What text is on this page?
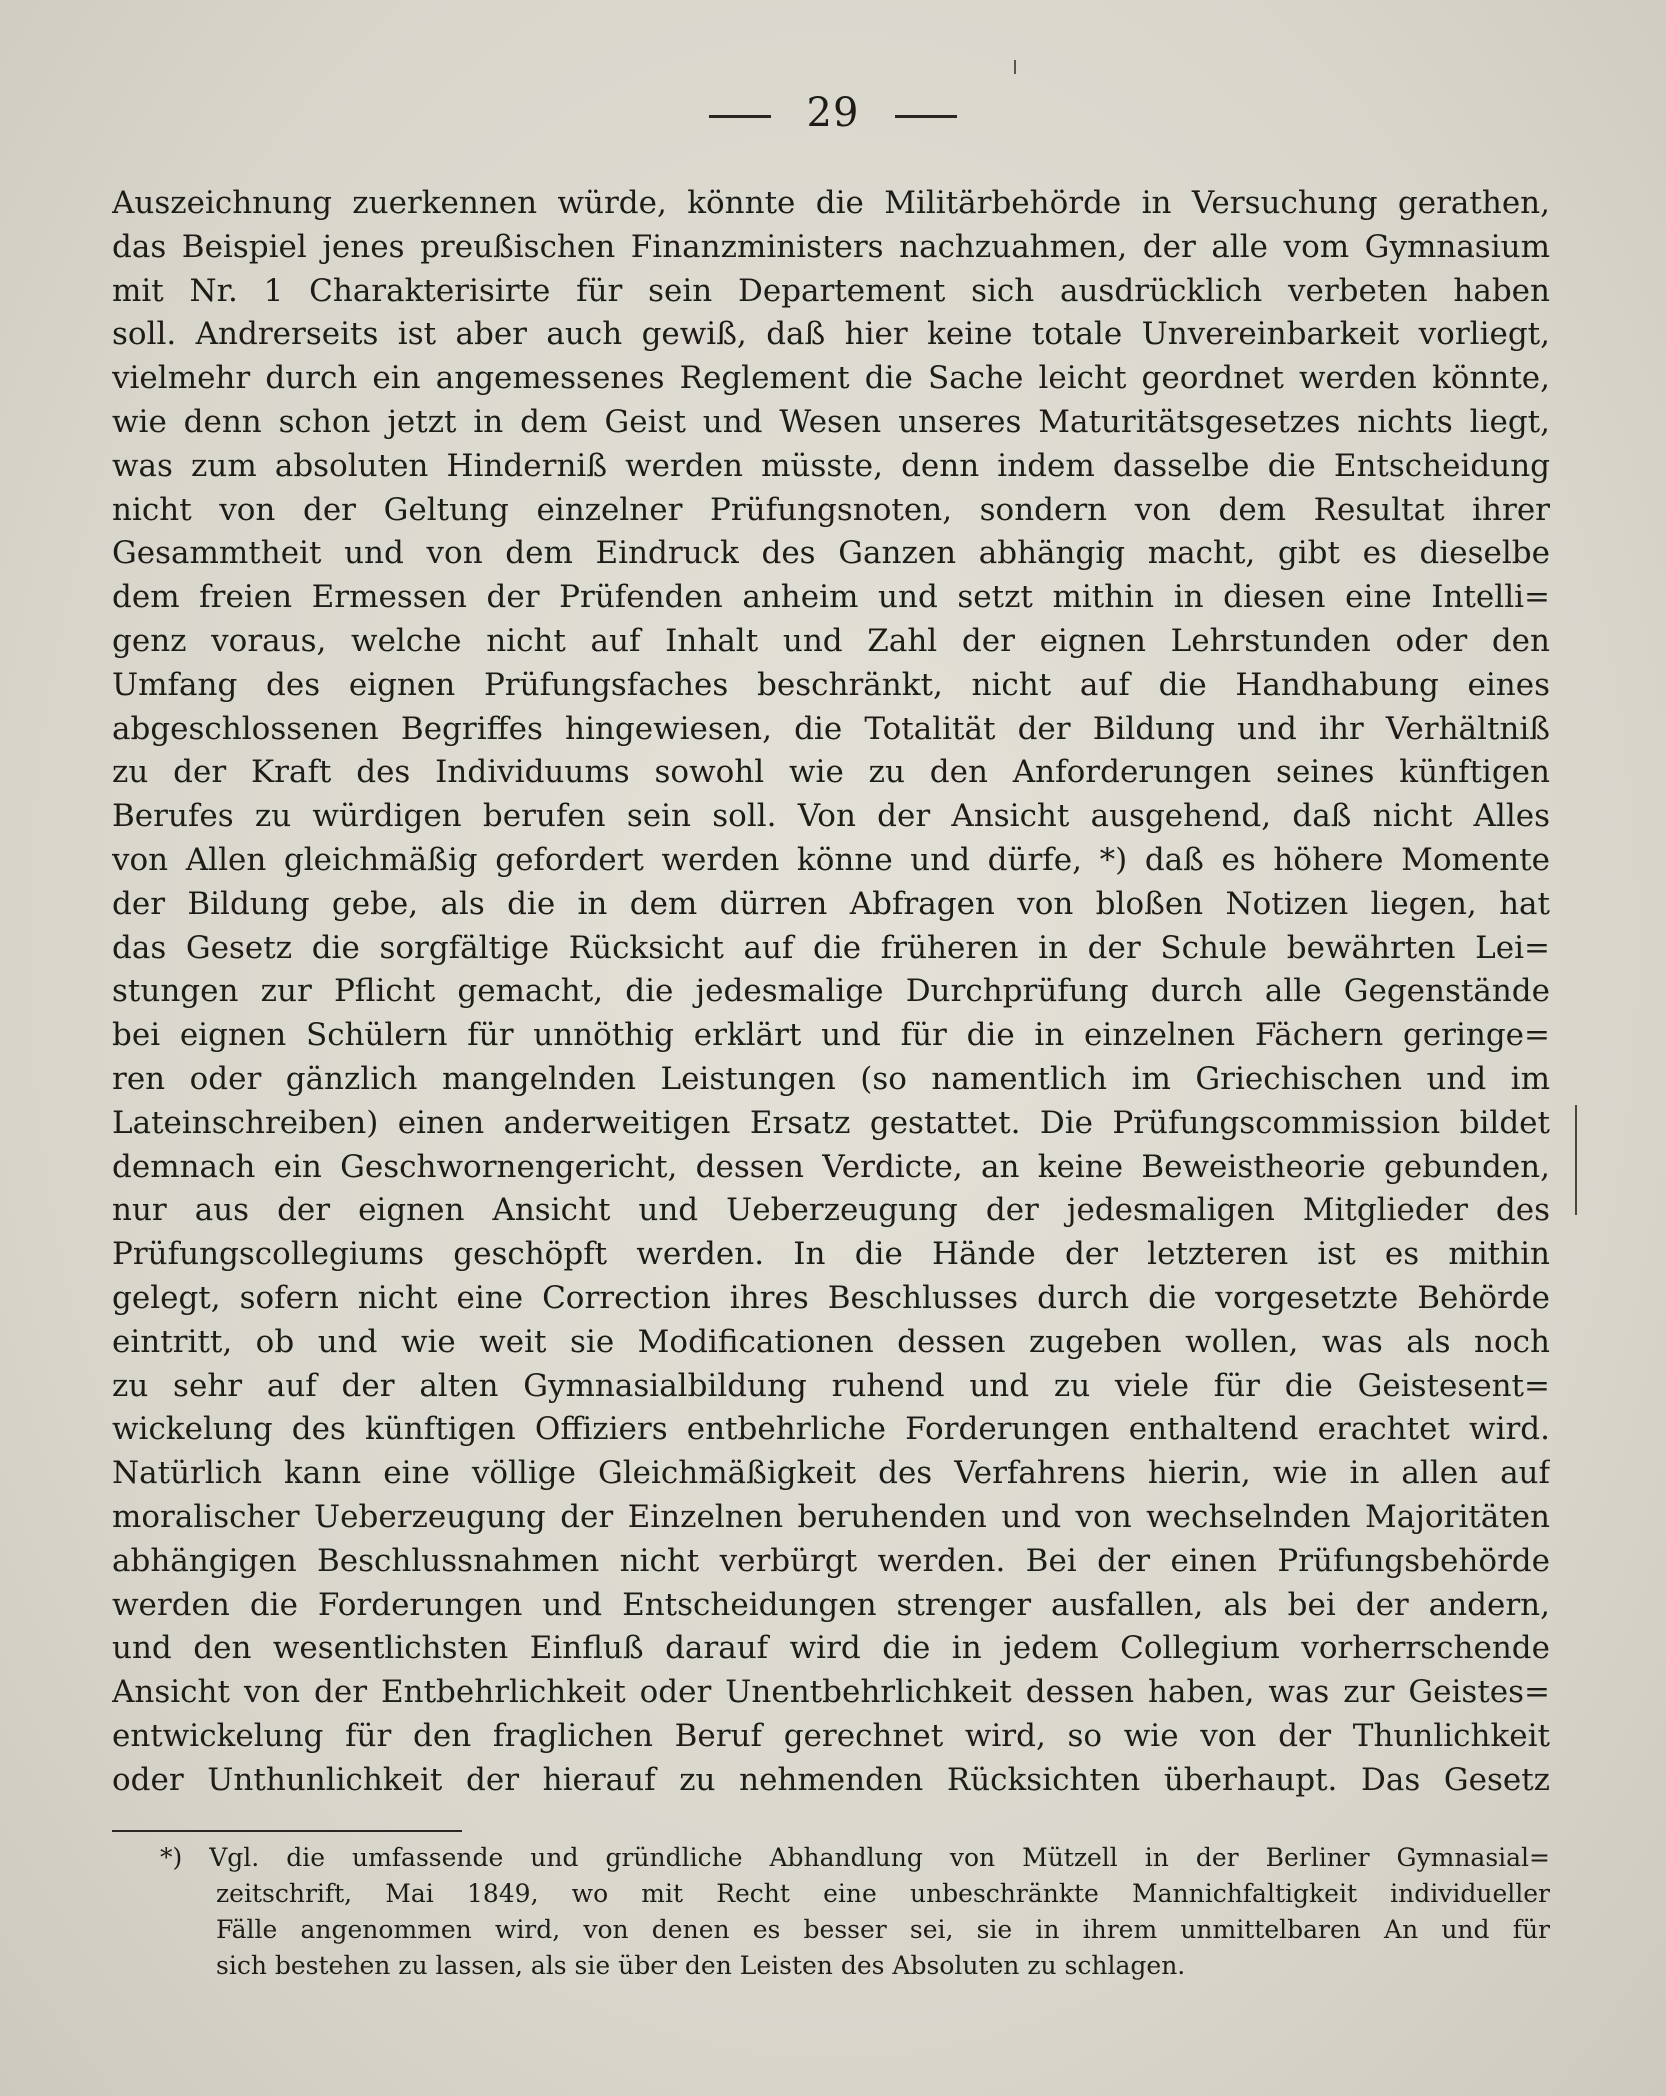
29
Auszeichnung zuerkennen würde, könnte die Militärbehörde in Versuchung gerathen,
das Beispiel jenes preußischen Finanzministers nachzuahmen, der alle vom Gymnasium
mit Nr. 1 Charakterisirte für sein Departement sich ausdrücklich verbeten haben
soll. Andrerseits ist aber auch gewiß, daß hier keine totale Unvereinbarkeit vorliegt,
vielmehr durch ein angemessenes Reglement die Sache leicht geordnet werden könnte,
wie denn schon jetzt in dem Geist und Wesen unseres Maturitätsgesetzes nichts liegt,
was zum absoluten Hinderniß werden müsste, denn indem dasselbe die Entscheidung
nicht von der Geltung einzelner Prüfungsnoten, sondern von dem Resultat ihrer
Gesammtheit und von dem Eindruck des Ganzen abhängig macht, gibt es dieselbe
dem freien Ermessen der Prüfenden anheim und setzt mithin in diesen eine Intelli=
genz voraus, welche nicht auf Inhalt und Zahl der eignen Lehrstunden oder den
Umfang des eignen Prüfungsfaches beschränkt, nicht auf die Handhabung eines
abgeschlossenen Begriffes hingewiesen, die Totalität der Bildung und ihr Verhältniß
zu der Kraft des Individuums sowohl wie zu den Anforderungen seines künftigen
Berufes zu würdigen berufen sein soll. Von der Ansicht ausgehend, daß nicht Alles
von Allen gleichmäßig gefordert werden könne und dürfe, *) daß es höhere Momente
der Bildung gebe, als die in dem dürren Abfragen von bloßen Notizen liegen, hat
das Gesetz die sorgfältige Rücksicht auf die früheren in der Schule bewährten Lei=
stungen zur Pflicht gemacht, die jedesmalige Durchprüfung durch alle Gegenstände
bei eignen Schülern für unnöthig erklärt und für die in einzelnen Fächern geringe=
ren oder gänzlich mangelnden Leistungen (so namentlich im Griechischen und im
Lateinschreiben) einen anderweitigen Ersatz gestattet. Die Prüfungscommission bildet
demnach ein Geschwornengericht, dessen Verdicte, an keine Beweistheorie gebunden,
nur aus der eignen Ansicht und Ueberzeugung der jedesmaligen Mitglieder des
Prüfungscollegiums geschöpft werden. In die Hände der letzteren ist es mithin
gelegt, sofern nicht eine Correction ihres Beschlusses durch die vorgesetzte Behörde
eintritt, ob und wie weit sie Modificationen dessen zugeben wollen, was als noch
zu sehr auf der alten Gymnasialbildung ruhend und zu viele für die Geistesent=
wickelung des künftigen Offiziers entbehrliche Forderungen enthaltend erachtet wird.
Natürlich kann eine völlige Gleichmäßigkeit des Verfahrens hierin, wie in allen auf
moralischer Ueberzeugung der Einzelnen beruhenden und von wechselnden Majoritäten
abhängigen Beschlussnahmen nicht verbürgt werden. Bei der einen Prüfungsbehörde
werden die Forderungen und Entscheidungen strenger ausfallen, als bei der andern,
und den wesentlichsten Einfluß darauf wird die in jedem Collegium vorherrschende
Ansicht von der Entbehrlichkeit oder Unentbehrlichkeit dessen haben, was zur Geistes=
entwickelung für den fraglichen Beruf gerechnet wird, so wie von der Thunlichkeit
oder Unthunlichkeit der hierauf zu nehmenden Rücksichten überhaupt. Das Gesetz
*) Vgl. die umfassende und gründliche Abhandlung von Mützell in der Berliner Gymnasial=
zeitschrift, Mai 1849, wo mit Recht eine unbeschränkte Mannichfaltigkeit individueller
Fälle angenommen wird, von denen es besser sei, sie in ihrem unmittelbaren An und für
sich bestehen zu lassen, als sie über den Leisten des Absoluten zu schlagen.
